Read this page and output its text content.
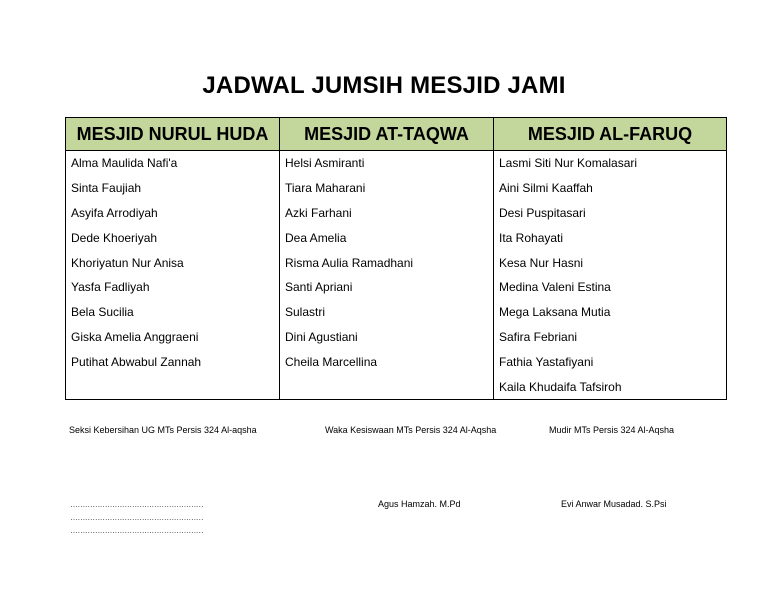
JADWAL JUMSIH MESJID JAMI
MESJID NURUL HUDA	MESJID AT-TAQWA	MESJID AL-FARUQ
Alma Maulida Nafi'a	Helsi Asmiranti	Lasmi Siti Nur Komalasari
Sinta Faujiah	Tiara Maharani	Aini Silmi Kaaffah
Asyifa Arrodiyah	Azki Farhani	Desi Puspitasari
Dede Khoeriyah	Dea Amelia	Ita Rohayati
Khoriyatun Nur Anisa	Risma Aulia Ramadhani	Kesa Nur Hasni
Yasfa Fadliyah	Santi Apriani	Medina Valeni Estina
Bela Sucilia	Sulastri	Mega Laksana Mutia
Giska Amelia Anggraeni	Dini Agustiani	Safira Febriani
Putihat Abwabul Zannah	Cheila Marcellina	Fathia Yastafiyani
		Kaila Khudaifa Tafsiroh
Seksi Kebersihan UG MTs Persis 324 Al-aqsha	Waka Kesiswaan MTs Persis 324 Al-Aqsha	Mudir MTs Persis 324 Al-Aqsha
………………………………………………
………………………………………………
………………………………………………
Agus Hamzah. M.Pd	Evi Anwar Musadad. S.Psi
